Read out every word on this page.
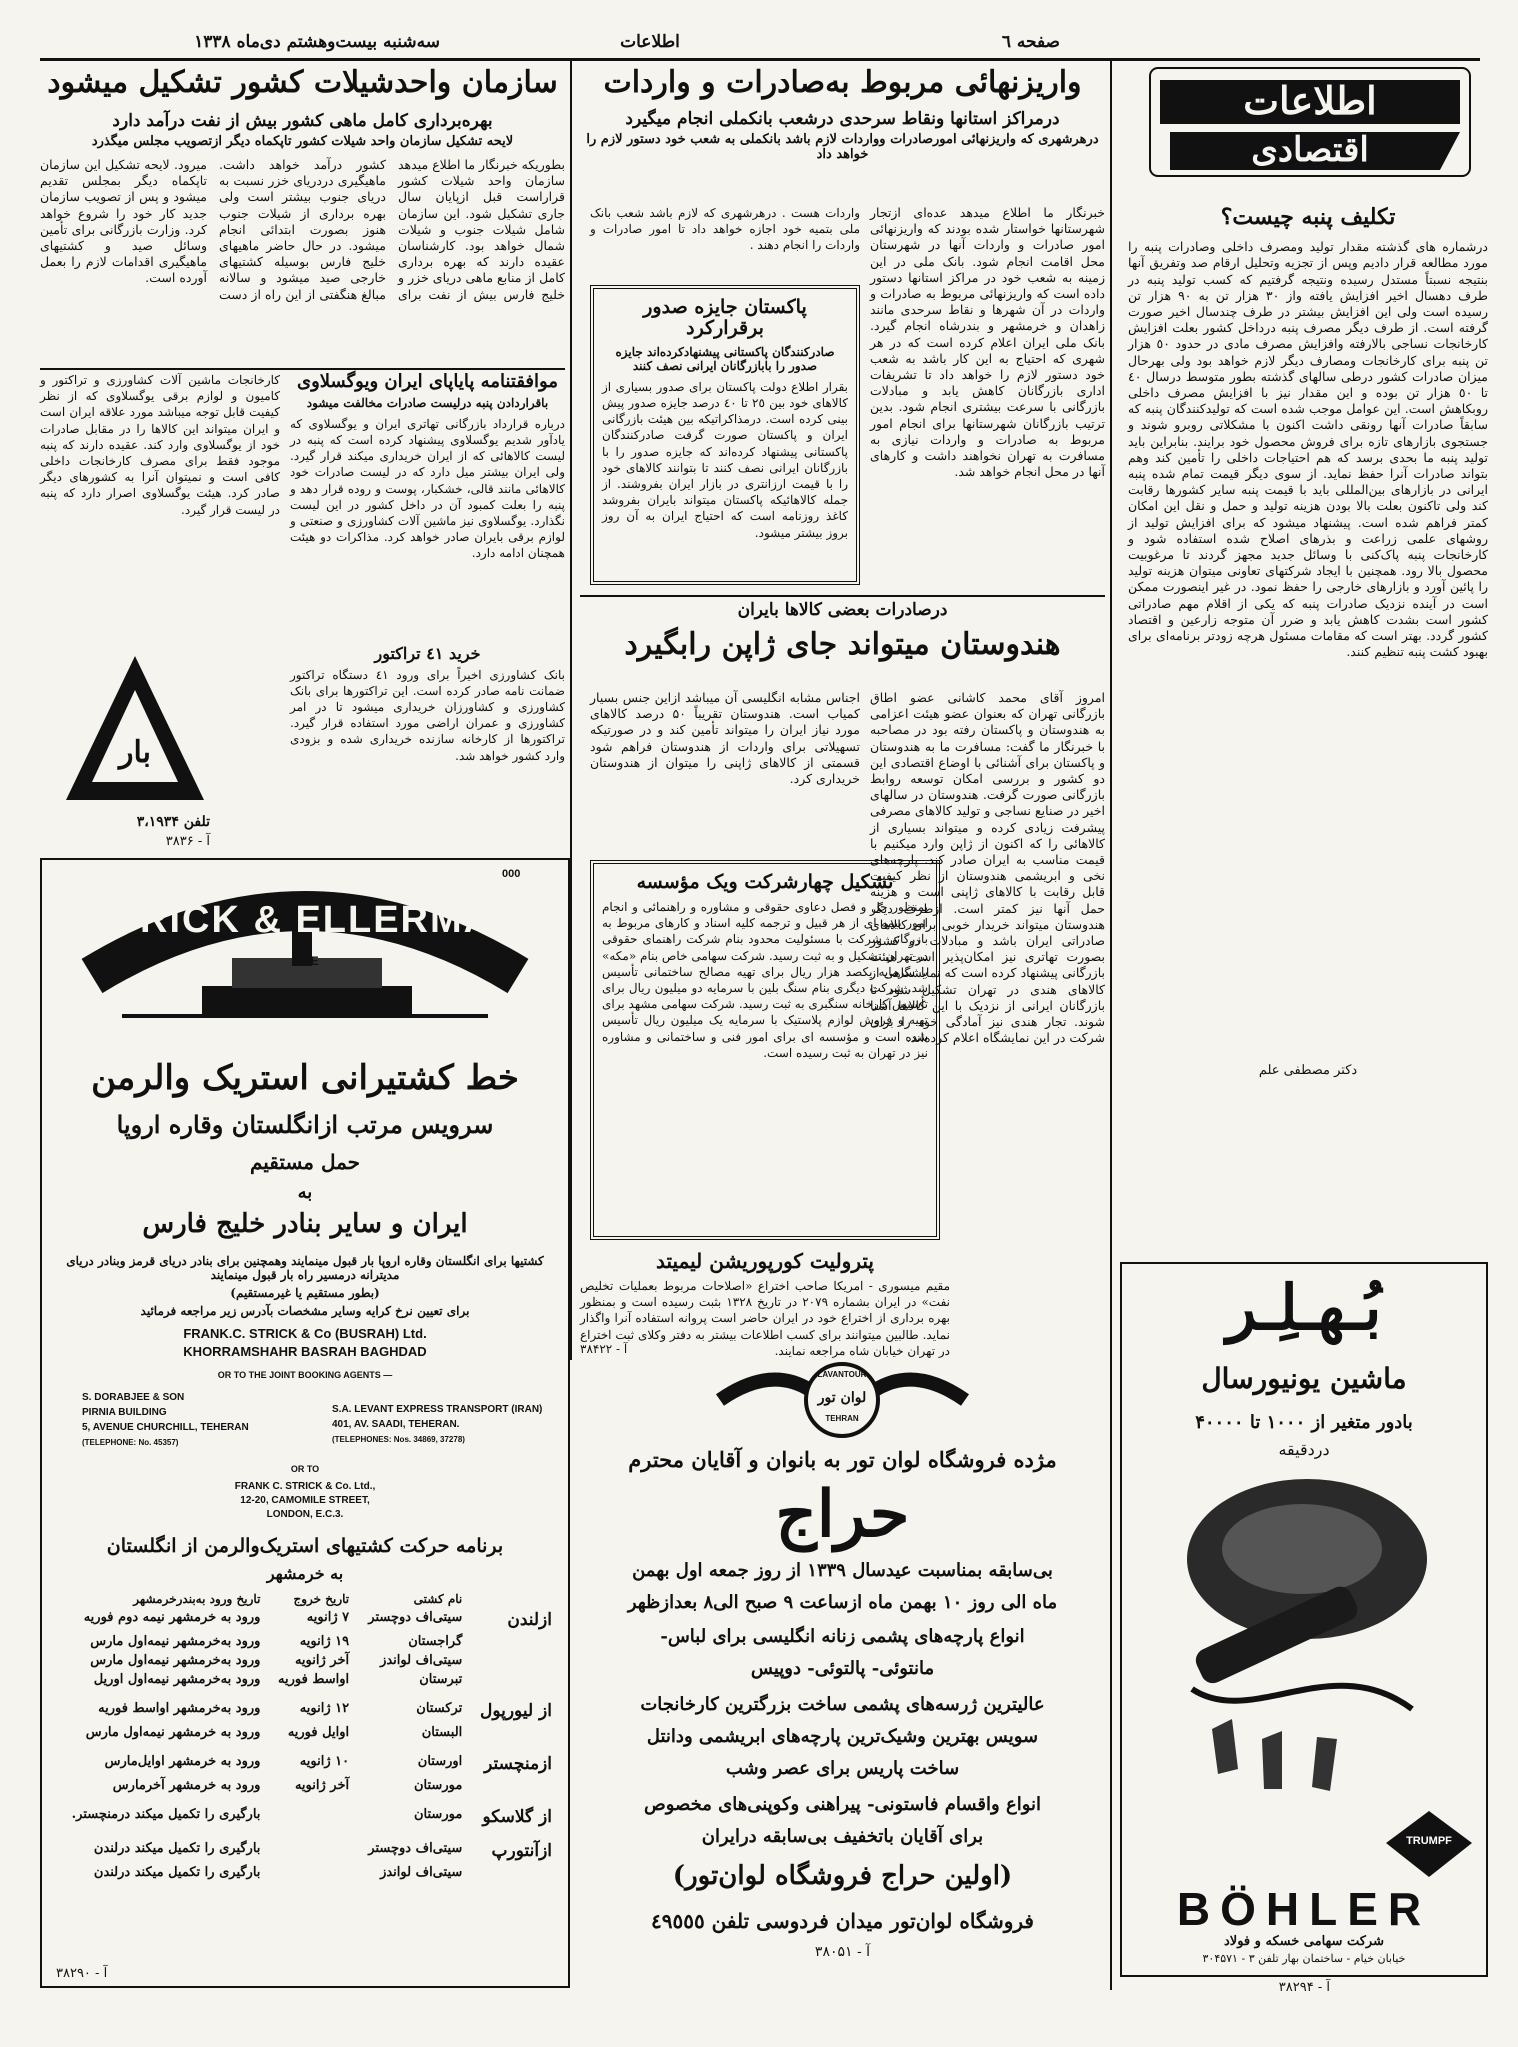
صفحه ٦
اطلاعات
سه‌شنبه بیست‌وهشتم دی‌ماه ۱۳۳۸
اطلاعات
اقتصادی
تکلیف پنبه چیست؟
درشماره های گذشته مقدار تولید ومصرف داخلی وصادرات پنبه را مورد مطالعه قرار دادیم وپس از تجزیه وتحلیل ارقام صد وتفریق آنها بنتیجه نسبتاً مستدل رسیده ونتیجه گرفتیم که کسب تولید پنبه در طرف دهسال اخیر افزایش یافته واز ٣٠ هزار تن به ٩٠ هزار تن رسیده است ولی این افزایش بیشتر در طرف چندسال اخیر صورت گرفته است. از طرف دیگر مصرف پنبه درداخل کشور بعلت افزایش کارخانجات نساجی بالارفته وافزایش مصرف مادی در حدود ٥٠ هزار تن پنبه برای کارخانجات ومصارف دیگر لازم خواهد بود ولی بهرحال میزان صادرات کشور درطی سالهای گذشته بطور متوسط درسال ٤٠ تا ٥٠ هزار تن بوده و این مقدار نیز با افزایش مصرف داخلی روبکاهش است. این عوامل موجب شده است که تولیدکنندگان پنبه که سابقاً صادرات آنها رونقی داشت اکنون با مشکلاتی روبرو شوند و جستجوی بازارهای تازه برای فروش محصول خود برایند. بنابراین باید تولید پنبه ما بحدی برسد که هم احتیاجات داخلی را تأمین کند وهم بتواند صادرات آنرا حفظ نماید. از سوی دیگر قیمت تمام شده پنبه ایرانی در بازارهای بین‌المللی باید با قیمت پنبه سایر کشورها رقابت کند ولی تاکنون بعلت بالا بودن هزینه تولید و حمل و نقل این امکان کمتر فراهم شده است. پیشنهاد میشود که برای افزایش تولید از روشهای علمی زراعت و بذرهای اصلاح شده استفاده شود و کارخانجات پنبه پاک‌کنی با وسائل جدید مجهز گردند تا مرغوبیت محصول بالا رود. همچنین با ایجاد شرکتهای تعاونی میتوان هزینه تولید را پائین آورد و بازارهای خارجی را حفظ نمود. در غیر اینصورت ممکن است در آینده نزدیک صادرات پنبه که یکی از اقلام مهم صادراتی کشور است بشدت کاهش یابد و ضرر آن متوجه زارعین و اقتصاد کشور گردد. بهتر است که مقامات مسئول هرچه زودتر برنامه‌ای برای بهبود کشت پنبه تنظیم کنند.
دکتر مصطفی علم
بُـهـلِـر
ماشین یونیورسال
بادور متغیر از ۱۰۰۰ تا ۴۰۰۰۰
دردقیقه
TRUMPF
BÖHLER
شرکت سهامی خسکه و فولاد
خیابان خیام - ساختمان بهار تلفن ۳ - ۳۰۴۵۷۱
آ - ۳۸۲۹۴
واریزنهائی مربوط به‌صادرات و واردات
درمراکز استانها ونقاط سرحدی درشعب بانکملی انجام میگیرد
درهرشهری که واریزنهائی امورصادرات وواردات لازم باشد بانکملی به شعب خود دستور لازم را خواهد داد
خبرنگار ما اطلاع میدهد عده‌ای ازتجار شهرستانها خواستار شده بودند که واریزنهائی امور صادرات و واردات آنها در شهرستان محل اقامت انجام شود. بانک ملی در این زمینه به شعب خود در مراکز استانها دستور داده است که واریزنهائی مربوط به صادرات و واردات در آن شهرها و نقاط سرحدی مانند زاهدان و خرمشهر و بندرشاه انجام گیرد. بانک ملی ایران اعلام کرده است که در هر شهری که احتیاج به این کار باشد به شعب خود دستور لازم را خواهد داد تا تشریفات اداری بازرگانان کاهش یابد و مبادلات بازرگانی با سرعت بیشتری انجام شود. بدین ترتیب بازرگانان شهرستانها برای انجام امور مربوط به صادرات و واردات نیازی به مسافرت به تهران نخواهند داشت و کارهای آنها در محل انجام خواهد شد.
پاکستان جایزه صدور برقرارکرد
صادرکنندگان پاکستانی پیشنهادکرده‌اند جایزه صدور را بابازرگانان ایرانی نصف کنند
بقرار اطلاع دولت پاکستان برای صدور بسیاری از کالاهای خود بین ٢٥ تا ٤٠ درصد جایزه صدور پیش بینی کرده است. درمذاکراتیکه بین هیئت بازرگانی ایران و پاکستان صورت گرفت صادرکنندگان پاکستانی پیشنهاد کرده‌اند که جایزه صدور را با بازرگانان ایرانی نصف کنند تا بتوانند کالاهای خود را با قیمت ارزانتری در بازار ایران بفروشند. از جمله کالاهائیکه پاکستان میتواند بایران بفروشد کاغذ روزنامه است که احتیاج ایران به آن روز بروز بیشتر میشود.
واردات هست . درهرشهری که لازم باشد شعب بانک ملی بتمیه خود اجازه خواهد داد تا امور صادرات و واردات را انجام دهند .
درصادرات بعضی کالاها بایران
هندوستان میتواند جای ژاپن رابگیرد
امروز آقای محمد کاشانی عضو اطاق بازرگانی تهران که بعنوان عضو هیئت اعزامی به هندوستان و پاکستان رفته بود در مصاحبه با خبرنگار ما گفت: مسافرت ما به هندوستان و پاکستان برای آشنائی با اوضاع اقتصادی این دو کشور و بررسی امکان توسعه روابط بازرگانی صورت گرفت. هندوستان در سالهای اخیر در صنایع نساجی و تولید کالاهای مصرفی پیشرفت زیادی کرده و میتواند بسیاری از کالاهائی را که اکنون از ژاپن وارد میکنیم با قیمت مناسب به ایران صادر کند. پارچه‌های نخی و ابریشمی هندوستان از نظر کیفیت قابل رقابت با کالاهای ژاپنی است و هزینه حمل آنها نیز کمتر است. ازطرف دیگر هندوستان میتواند خریدار خوبی برای کالاهای صادراتی ایران باشد و مبادلات دو کشور بصورت تهاتری نیز امکان‌پذیر است. هیئت بازرگانی پیشنهاد کرده است که نمایشگاهی از کالاهای هندی در تهران تشکیل شود تا بازرگانان ایرانی از نزدیک با این کالاها آشنا شوند. تجار هندی نیز آمادگی خود را برای شرکت در این نمایشگاه اعلام کرده‌اند.
اجناس مشابه انگلیسی آن میباشد ازاین جنس بسیار کمیاب است. هندوستان تقریباً ۵۰ درصد کالاهای مورد نیاز ایران را میتواند تأمین کند و در صورتیکه تسهیلاتی برای واردات از هندوستان فراهم شود قسمتی از کالاهای ژاپنی را میتوان از هندوستان خریداری کرد.
تشکیل چهارشرکت ویک مؤسسه
بمنظور حل و فصل دعاوی حقوقی و مشاوره و راهنمائی و انجام امور بیمه ای از هر قبیل و ترجمه کلیه اسناد و کارهای مربوط به بازرگانی شرکت با مسئولیت محدود بنام شرکت راهنمای حقوقی در تهران تشکیل و به ثبت رسید. شرکت سهامی خاص بنام «مکه» با سرمایه یکصد هزار ریال برای تهیه مصالح ساختمانی تأسیس شد. شرکت دیگری بنام سنگ بلین با سرمایه دو میلیون ریال برای تأسیس کارخانه سنگبری به ثبت رسید. شرکت سهامی مشهد برای تهیه و فروش لوازم پلاستیک با سرمایه یک میلیون ریال تأسیس شده است و مؤسسه ای برای امور فنی و ساختمانی و مشاوره نیز در تهران به ثبت رسیده است.
پترولیت کورپوریشن لیمیتد
مقیم میسوری - امریکا صاحب اختراع «اصلاحات مربوط بعملیات تخلیص نفت» در ایران بشماره ۲۰۷۹ در تاریخ ۱۳۲۸ بثبت رسیده است و بمنظور بهره برداری از اختراع خود در ایران حاضر است پروانه استفاده آنرا واگذار نماید. طالبین میتوانند برای کسب اطلاعات بیشتر به دفتر وکلای ثبت اختراع در تهران خیابان شاه مراجعه نمایند.
آ - ۳۸۴۲۲
سازمان واحدشیلات کشور تشکیل میشود
بهره‌برداری کامل ماهی کشور بیش از نفت درآمد دارد
لایحه تشکیل سازمان واحد شیلات کشور تاپکماه دیگر ازتصویب مجلس میگذرد
بطوریکه خبرنگار ما اطلاع میدهد سازمان واحد شیلات کشور قراراست قبل ازپایان سال جاری تشکیل شود. این سازمان شامل شیلات جنوب و شیلات شمال خواهد بود. کارشناسان عقیده دارند که بهره برداری کامل از منابع ماهی دریای خزر و خلیج فارس بیش از نفت برای کشور درآمد خواهد داشت. ماهیگیری دردریای خزر نسبت به دریای جنوب بیشتر است ولی بهره برداری از شیلات جنوب هنوز بصورت ابتدائی انجام میشود. در حال حاضر ماهیهای خلیج فارس بوسیله کشتیهای خارجی صید میشود و سالانه مبالغ هنگفتی از این راه از دست میرود. لایحه تشکیل این سازمان تاپکماه دیگر بمجلس تقدیم میشود و پس از تصویب سازمان جدید کار خود را شروع خواهد کرد. وزارت بازرگانی برای تأمین وسائل صید و کشتیهای ماهیگیری اقدامات لازم را بعمل آورده است.
موافقتنامه پایاپای ایران ویوگسلاوی
باقراردادن پنبه درلیست صادرات مخالفت میشود
درباره قرارداد بازرگانی تهاتری ایران و یوگسلاوی که یادآور شدیم یوگسلاوی پیشنهاد کرده است که پنبه در لیست کالاهائی که از ایران خریداری میکند قرار گیرد. ولی ایران بیشتر میل دارد که در لیست صادرات خود کالاهائی مانند قالی، خشکبار، پوست و روده قرار دهد و پنبه را بعلت کمبود آن در داخل کشور در این لیست نگذارد. یوگسلاوی نیز ماشین آلات کشاورزی و صنعتی و لوازم برقی بایران صادر خواهد کرد. مذاکرات دو هیئت همچنان ادامه دارد.
کارخانجات ماشین آلات کشاورزی و تراکتور و کامیون و لوازم برقی یوگسلاوی که از نظر کیفیت قابل توجه میباشد مورد علاقه ایران است و ایران میتواند این کالاها را در مقابل صادرات خود از یوگسلاوی وارد کند. عقیده دارند که پنبه موجود فقط برای مصرف کارخانجات داخلی کافی است و نمیتوان آنرا به کشورهای دیگر صادر کرد. هیئت یوگسلاوی اصرار دارد که پنبه در لیست قرار گیرد.
خرید ٤١ تراکتور
بانک کشاورزی اخیراً برای ورود ٤١ دستگاه تراکتور ضمانت نامه صادر کرده است. این تراکتورها برای بانک کشاورزی و کشاورزان خریداری میشود تا در امر کشاورزی و عمران اراضی مورد استفاده قرار گیرد. تراکتورها از کارخانه سازنده خریداری شده و بزودی وارد کشور خواهد شد.
بار
تلفن ۳،۱۹۳۴
آ - ۳۸۳۶
STRICK & ELLERMAN
LINE
000
خط کشتیرانی استریک والرمن
سرویس مرتب ازانگلستان وقاره اروپا
حمل مستقیم
به
ایران و سایر بنادر خلیج فارس
کشتیها برای انگلستان وقاره اروپا بار قبول مینمایند وهمچنین برای بنادر دریای قرمز وبنادر دریای مدیترانه درمسیر راه بار قبول مینمایند
(بطور مستقیم یا غیرمستقیم)
برای تعیین نرخ کرایه وسایر مشخصات بآدرس زیر مراجعه فرمائید
FRANK.C. STRICK & Co (BUSRAH) Ltd.
KHORRAMSHAHR BASRAH BAGHDAD
OR TO THE JOINT BOOKING AGENTS —
S. DORABJEE & SON
PIRNIA BUILDING
5, AVENUE CHURCHILL, TEHERAN
(TELEPHONE: No. 45357)
S.A. LEVANT EXPRESS TRANSPORT (IRAN)
401, AV. SAADI, TEHERAN.
(TELEPHONES: Nos. 34869, 37278)
OR TO
FRANK C. STRICK & Co. Ltd.,
12-20, CAMOMILE STREET,
LONDON, E.C.3.
برنامه حرکت کشتیهای استریک‌والرمن از انگلستان
به خرمشهر
	نام کشتی	تاریخ خروج	تاریخ ورود به‌بندرخرمشهر
ازلندن	سیتی‌اف دوچستر	۷ ژانویه	ورود به خرمشهر نیمه دوم فوریه
	گراجستان	۱۹ ژانویه	ورود به‌خرمشهر نیمه‌اول مارس
	سیتی‌اف لواندز	آخر ژانویه	ورود به‌خرمشهر نیمه‌اول مارس
	تبرستان	اواسط فوریه	ورود به‌خرمشهر نیمه‌اول اوریل
از لیورپول	ترکستان	۱۲ ژانویه	ورود به‌خرمشهر اواسط فوریه
	البستان	اوایل فوریه	ورود به خرمشهر نیمه‌اول مارس
ازمنچستر	اورستان	۱۰ ژانویه	ورود به خرمشهر اوایل‌مارس
	مورستان	آخر ژانویه	ورود به خرمشهر آخرمارس
از گلاسکو	مورستان		بارگیری را تکمیل میکند درمنچستر.
ازآنتورپ	سیتی‌اف دوچستر		بارگیری را تکمیل میکند درلندن
	سیتی‌اف لواندز		بارگیری را تکمیل میکند درلندن
آ - ۳۸۲۹۰
LAVANTOUR
لوان تور
TEHRAN
مژده فروشگاه لوان تور به بانوان و آقایان محترم
حراج
بی‌سابقه بمناسبت عیدسال ۱۳۳۹ از روز جمعه اول بهمن
ماه الی روز ۱۰ بهمن ماه ازساعت ۹ صبح الی۸ بعدازظهر
انواع پارچه‌های پشمی زنانه انگلیسی برای لباس-
مانتوئی- پالتوئی- دوپیس
عالیترین ژرسه‌های پشمی ساخت بزرگترین کارخانجات
سویس بهترین وشیک‌ترین پارچه‌های ابریشمی ودانتل
ساخت پاریس برای عصر وشب
انواع واقسام فاستونی- پیراهنی وکوپنی‌های مخصوص
برای آقایان باتخفیف بی‌سابقه درایران
(اولین حراج فروشگاه لوان‌تور)
فروشگاه لوان‌تور میدان فردوسی تلفن ٤٩٥٥٥
آ - ۳۸۰۵۱
